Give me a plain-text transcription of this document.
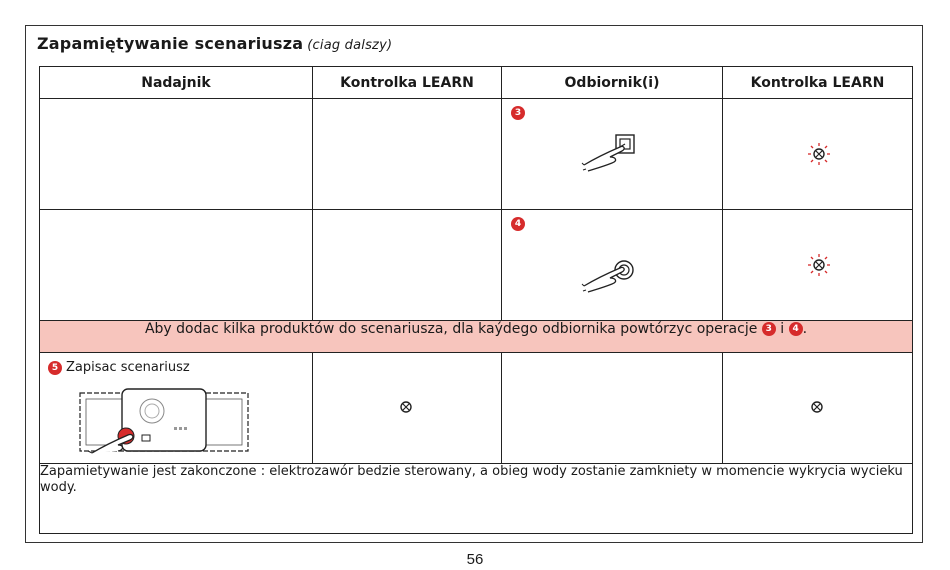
Zapamiętywanie scenariusza (ciag dalszy)
Nadajnik	Kontrolka LEARN	Odbiornik(i)	Kontrolka LEARN

		3

		4

Aby dodac kilka produktów do scenariusza, dla kaýdego odbiornika powtórzyc operacje 3 i 4 .			

5 Zapisac scenariusz

Zapamietywanie jest zakonczone : elektrozawór bedzie sterowany, a obieg wody zostanie zamkniety w momencie wykrycia wycieku wody.			
56
